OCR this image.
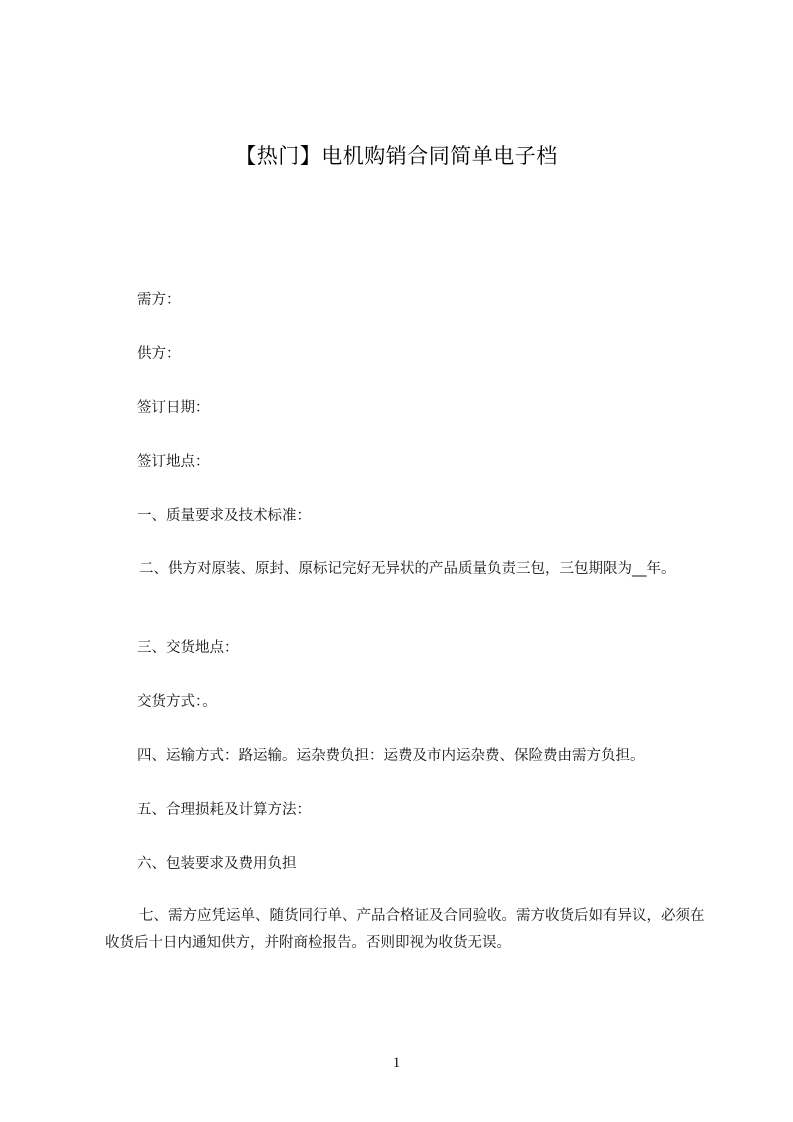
【热门】电机购销合同简单电子档
需方：
供方：
签订日期：
签订地点：
一、质量要求及技术标准：
二、供方对原装、原封、原标记完好无异状的产品质量负责三包，三包期限为__年。
三、交货地点：
交货方式：。
四、运输方式：路运输。运杂费负担：运费及市内运杂费、保险费由需方负担。
五、合理损耗及计算方法：
六、包装要求及费用负担
七、需方应凭运单、随货同行单、产品合格证及合同验收。需方收货后如有异议，必须在收货后十日内通知供方，并附商检报告。否则即视为收货无误。
1
